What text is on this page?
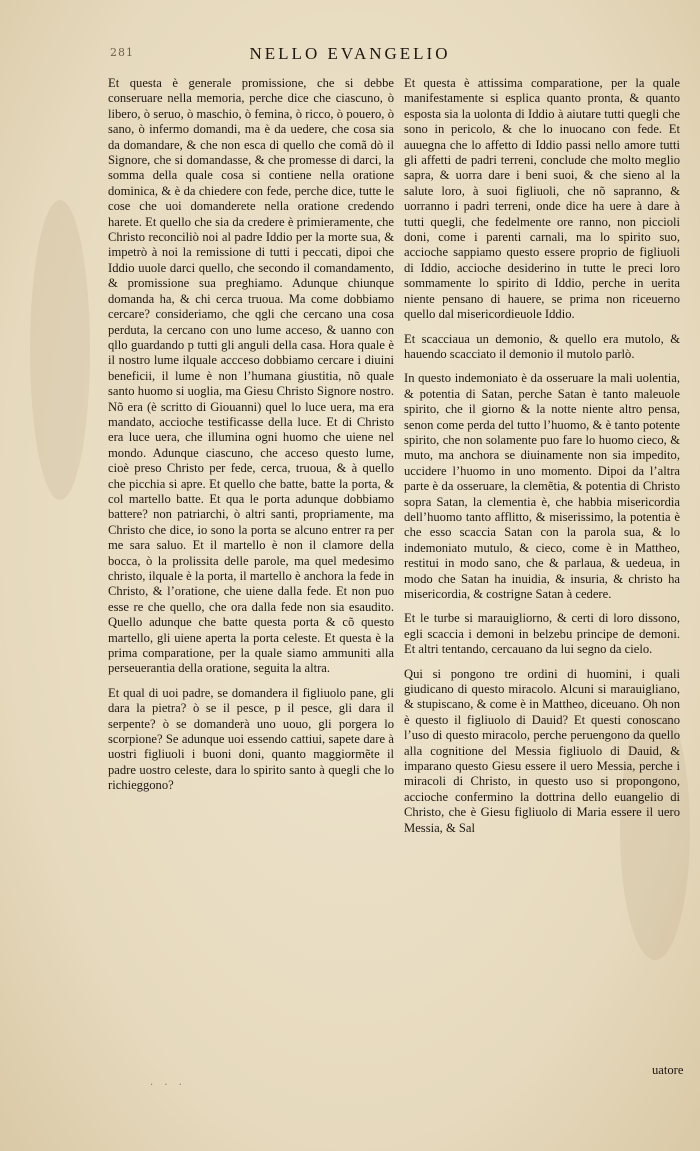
281	NELLO EVANGELIO

Et questa è generale promissione, che si debbe conseruare nella memoria, perche dice che ciascuno, ò libero, ò seruo, ò maschio, ò femina, ò ricco, ò pouero, ò sano, ò infermo domandi, ma è da uedere, che cosa sia da domandare, & che non esca di quello che comã dò il Signore, che si domandasse, & che promesse di darci, la somma della quale cosa si contiene nella oratione dominica, & è da chiedere con fede, perche dice, tutte le cose che uoi domanderete nella oratione credendo harete. Et quello che sia da credere è primieramente, che Christo reconciliò noi al padre Iddio per la morte sua, & impetrò à noi la remissione di tutti i peccati, dipoi che Iddio uuole darci quello, che secondo il comandamento, & promissione sua preghiamo. Adunque chiunque domanda ha, & chi cerca truoua. Ma come dobbiamo cercare? consideriamo, che qgli che cercano una cosa perduta, la cercano con uno lume acceso, & uanno con qllo guardando p tutti gli anguli della casa. Hora quale è il nostro lume ilquale accceso dobbiamo cercare i diuini beneficii, il lume è non l’humana giustitia, nõ quale santo huomo si uoglia, ma Giesu Christo Signore nostro. Nõ era (è scritto di Giouanni) quel lo luce uera, ma era mandato, accioche testificasse della luce. Et di Christo era luce uera, che illumina ogni huomo che uiene nel mondo. Adunque ciascuno, che acceso questo lume, cioè preso Christo per fede, cerca, truoua, & à quello che picchia si apre. Et quello che batte, batte la porta, & col martello batte. Et qua le porta adunque dobbiamo battere? non patriarchi, ò altri santi, propriamente, ma Christo che dice, io sono la porta se alcuno entrer ra per me sara saluo. Et il martello è non il clamore della bocca, ò la prolissita delle parole, ma quel medesimo christo, ilquale è la porta, il martello è anchora la fede in Christo, & l’oratione, che uiene dalla fede. Et non puo esse re che quello, che ora dalla fede non sia esaudito. Quello adunque che batte questa porta & cõ questo martello, gli uiene aperta la porta celeste. Et questa è la prima comparatione, per la quale siamo ammuniti alla perseuerantia della oratione, seguita la altra.

Et qual di uoi padre, se domandera il figliuolo pane, gli dara la pietra? ò se il pesce, p il pesce, gli dara il serpente? ò se domanderà uno uouo, gli porgera lo scorpione? Se adunque uoi essendo cattiui, sapete dare à uostri figliuoli i buoni doni, quanto maggiormẽte il padre uostro celeste, dara lo spirito santo à quegli che lo richieggono?

Et questa è attissima comparatione, per la quale manifestamente si esplica quanto pronta, & quanto esposta sia la uolonta di Iddio à aiutare tutti quegli che sono in pericolo, & che lo inuocano con fede. Et auuegna che lo affetto di Iddio passi nello amore tutti gli affetti de padri terreni, conclude che molto meglio sapra, & uorra dare i beni suoi, & che sieno al la salute loro, à suoi figliuoli, che nõ sapranno, & uorranno i padri terreni, onde dice ha uere à dare à tutti quegli, che fedelmente ore ranno, non piccioli doni, come i parenti carnali, ma lo spirito suo, accioche sappiamo questo essere proprio de figliuoli di Iddio, accioche desiderino in tutte le preci loro sommamente lo spirito di Iddio, perche in uerita niente pensano di hauere, se prima non riceuerno quello dal misericordieuole Iddio.

Et scacciaua un demonio, & quello era mutolo, & hauendo scacciato il demonio il mutolo parlò.

In questo indemoniato è da osseruare la mali uolentia, & potentia di Satan, perche Satan è tanto maleuole spirito, che il giorno & la notte niente altro pensa, senon come perda del tutto l’huomo, & è tanto potente spirito, che non solamente puo fare lo huomo cieco, & muto, ma anchora se diuinamente non sia impedito, uccidere l’huomo in uno momento. Dipoi da l’altra parte è da osseruare, la clemẽtia, & potentia di Christo sopra Satan, la clementia è, che habbia misericordia dell’huomo tanto afflitto, & miserissimo, la potentia è che esso scaccia Satan con la parola sua, & lo indemoniato mutulo, & cieco, come è in Mattheo, restitui in modo sano, che & parlaua, & uedeua, in modo che Satan ha inuidia, & insuria, & christo ha misericordia, & costrigne Satan à cedere.

Et le turbe si marauigliorno, & certi di loro dissono, egli scaccia i demoni in belzebu principe de demoni. Et altri tentando, cercauano da lui segno da cielo.

Qui si pongono tre ordini di huomini, i quali giudicano di questo miracolo. Alcuni si marauigliano, & stupiscano, & come è in Mattheo, diceuano. Oh non è questo il figliuolo di Dauid? Et questi conoscano l’uso di questo miracolo, perche peruengono da quello alla cognitione del Messia figliuolo di Dauid, & imparano questo Giesu essere il uero Messia, perche i miracoli di Christo, in questo uso si propongono, accioche confermino la dottrina dello euangelio di Christo, che è Giesu figliuolo di Maria essere il uero Messia, & Sal

uatore
· · ·
